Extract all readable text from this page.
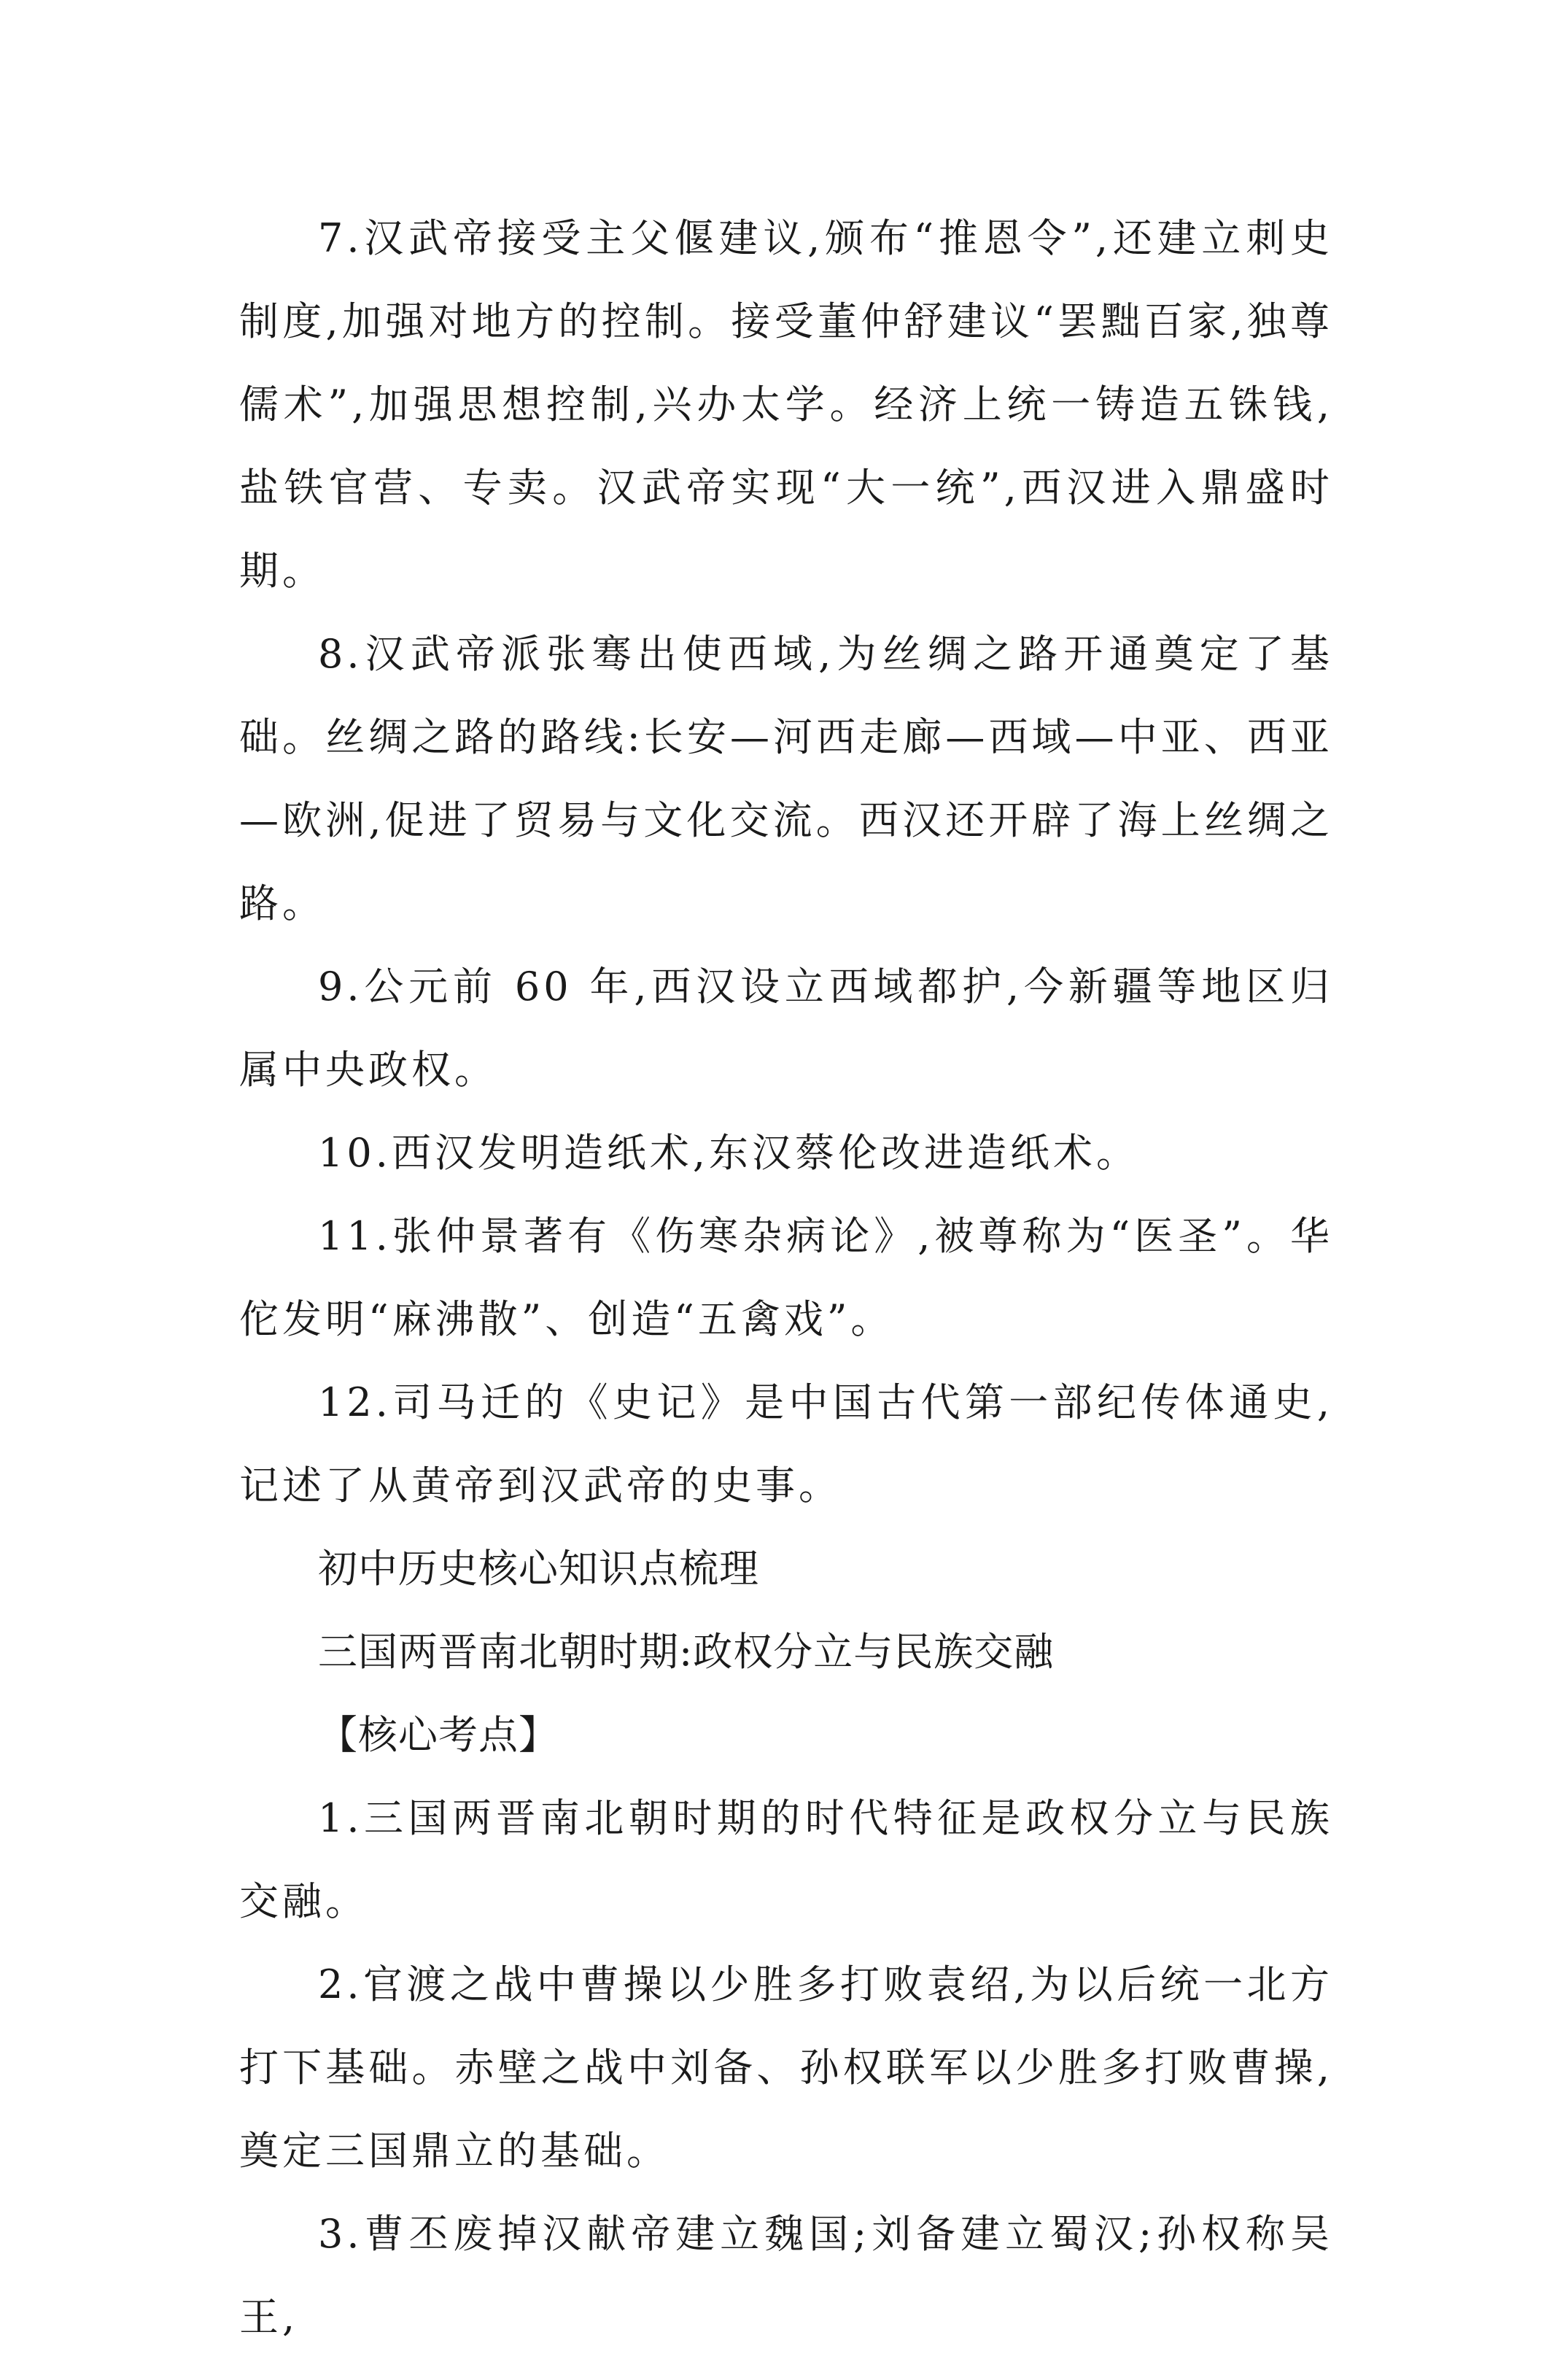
7.汉武帝接受主父偃建议,颁布“推恩令”,还建立刺史制度,加强对地方的控制。接受董仲舒建议“罢黜百家,独尊儒术”,加强思想控制,兴办太学。经济上统一铸造五铢钱,盐铁官营、专卖。汉武帝实现“大一统”,西汉进入鼎盛时期。

8.汉武帝派张骞出使西域,为丝绸之路开通奠定了基础。丝绸之路的路线:长安—河西走廊—西域—中亚、西亚—欧洲,促进了贸易与文化交流。西汉还开辟了海上丝绸之路。

9.公元前 60 年,西汉设立西域都护,今新疆等地区归属中央政权。

10.西汉发明造纸术,东汉蔡伦改进造纸术。

11.张仲景著有《伤寒杂病论》,被尊称为“医圣”。华佗发明“麻沸散”、创造“五禽戏”。

12.司马迁的《史记》是中国古代第一部纪传体通史,记述了从黄帝到汉武帝的史事。

初中历史核心知识点梳理

三国两晋南北朝时期:政权分立与民族交融

【核心考点】

1.三国两晋南北朝时期的时代特征是政权分立与民族交融。

2.官渡之战中曹操以少胜多打败袁绍,为以后统一北方打下基础。赤壁之战中刘备、孙权联军以少胜多打败曹操,奠定三国鼎立的基础。

3.曹丕废掉汉献帝建立魏国;刘备建立蜀汉;孙权称吴王,
